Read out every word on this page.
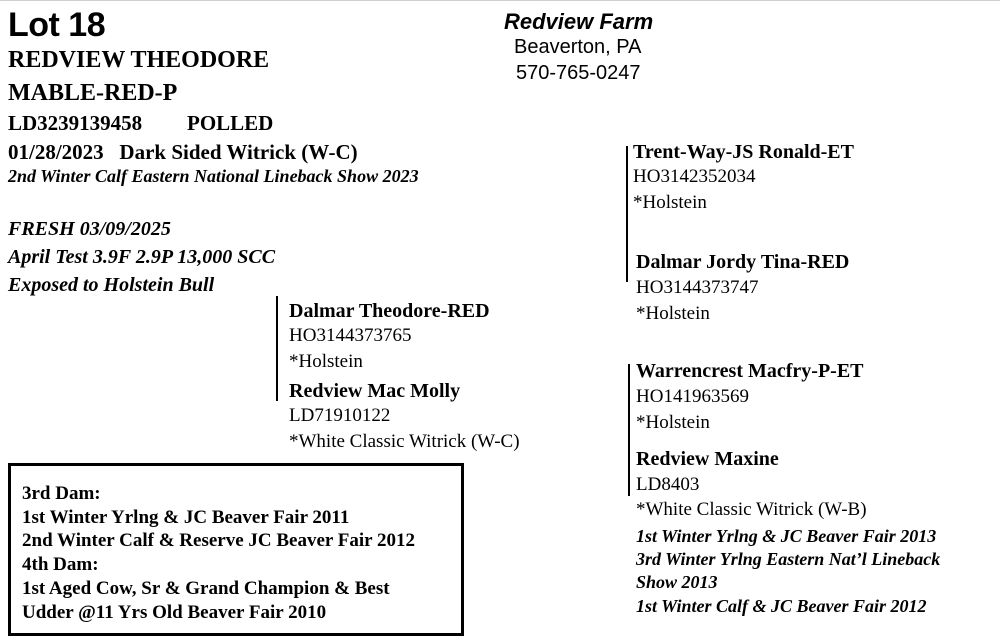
Lot 18
REDVIEW THEODORE
MABLE-RED-P
LD3239139458 POLLED
01/28/2023   Dark Sided Witrick (W-C)
2nd Winter Calf Eastern National Lineback Show 2023
Redview Farm
Beaverton, PA
570-765-0247
FRESH 03/09/2025
April Test 3.9F 2.9P 13,000 SCC
Exposed to Holstein Bull
Dalmar Theodore-RED
HO3144373765
*Holstein
Redview Mac Molly
LD71910122
*White Classic Witrick (W-C)
Trent-Way-JS Ronald-ET
HO3142352034
*Holstein
Dalmar Jordy Tina-RED
HO3144373747
*Holstein
Warrencrest Macfry-P-ET
HO141963569
*Holstein
Redview Maxine
LD8403
*White Classic Witrick (W-B)
1st Winter Yrlng & JC Beaver Fair 2013
3rd Winter Yrlng Eastern Nat’l Lineback
Show 2013
1st Winter Calf & JC Beaver Fair 2012
3rd Dam:
1st Winter Yrlng & JC Beaver Fair 2011
2nd Winter Calf & Reserve JC Beaver Fair 2012
4th Dam:
1st Aged Cow, Sr & Grand Champion & Best
Udder @11 Yrs Old Beaver Fair 2010
